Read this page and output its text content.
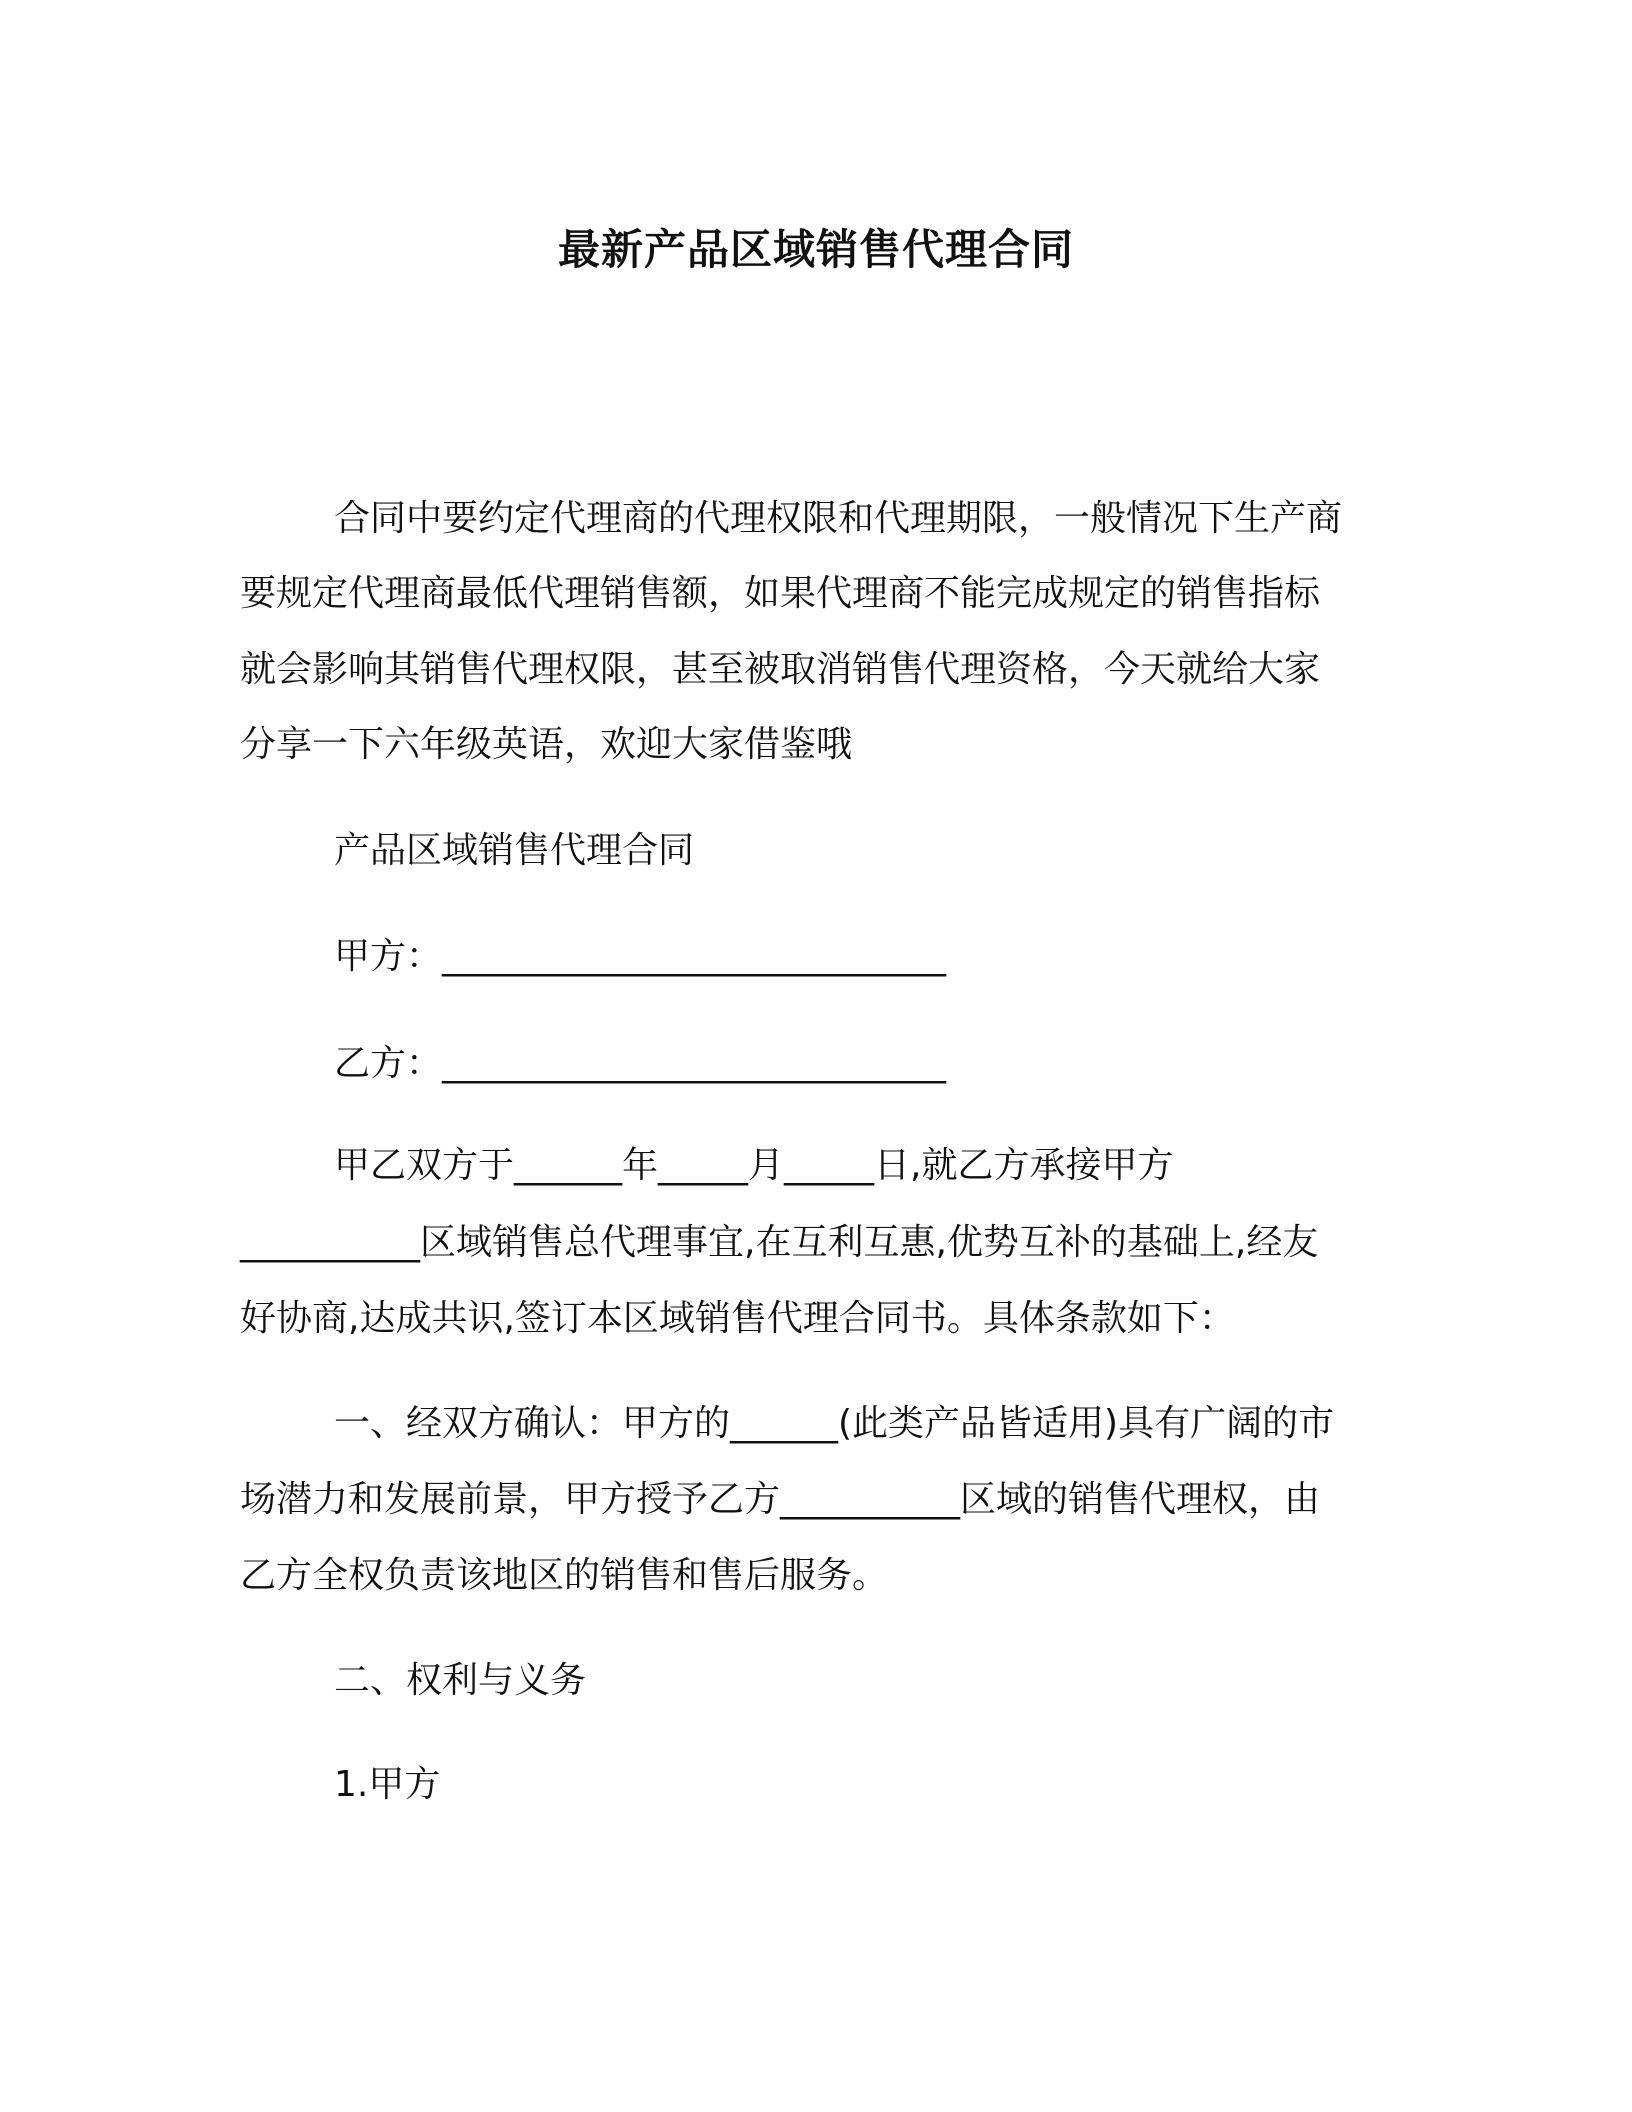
最新产品区域销售代理合同
合同中要约定代理商的代理权限和代理期限，一般情况下生产商
要规定代理商最低代理销售额，如果代理商不能完成规定的销售指标
就会影响其销售代理权限，甚至被取消销售代理资格，今天就给大家
分享一下六年级英语，欢迎大家借鉴哦
产品区域销售代理合同
甲方：____________________________
乙方：____________________________
甲乙双方于______年_____月_____日,就乙方承接甲方
__________区域销售总代理事宜,在互利互惠,优势互补的基础上,经友
好协商,达成共识,签订本区域销售代理合同书。具体条款如下：
一、经双方确认：甲方的______(此类产品皆适用)具有广阔的市
场潜力和发展前景，甲方授予乙方__________区域的销售代理权，由
乙方全权负责该地区的销售和售后服务。
二、权利与义务
1.甲方
